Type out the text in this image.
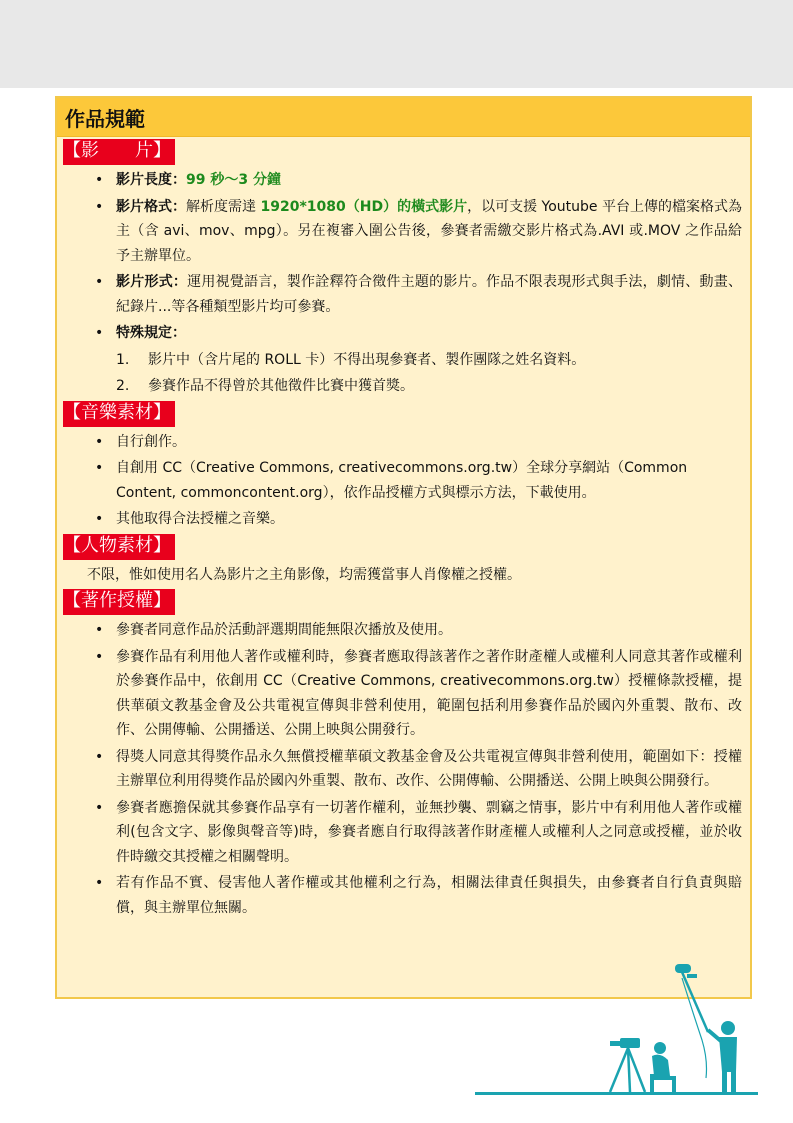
作品規範
【影　　片】
• 影片長度：99 秒～3 分鐘
• 影片格式：解析度需達 1920*1080（HD）的橫式影片，以可支援 Youtube 平台上傳的檔案格式為主（含 avi、mov、mpg）。另在複審入圍公告後，參賽者需繳交影片格式為.AVI 或.MOV 之作品給予主辦單位。
• 影片形式：運用視覺語言，製作詮釋符合徵件主題的影片。作品不限表現形式與手法，劇情、動畫、紀錄片...等各種類型影片均可參賽。
• 特殊規定：
1. 影片中（含片尾的 ROLL 卡）不得出現參賽者、製作團隊之姓名資料。
2. 參賽作品不得曾於其他徵件比賽中獲首獎。
【音樂素材】
• 自行創作。
• 自創用 CC（Creative Commons, creativecommons.org.tw）全球分享網站（Common Content, commoncontent.org），依作品授權方式與標示方法，下載使用。
• 其他取得合法授權之音樂。
【人物素材】
不限，惟如使用名人為影片之主角影像，均需獲當事人肖像權之授權。
【著作授權】
• 參賽者同意作品於活動評選期間能無限次播放及使用。
• 參賽作品有利用他人著作或權利時，參賽者應取得該著作之著作財產權人或權利人同意其著作或權利於參賽作品中，依創用 CC（Creative Commons, creativecommons.org.tw）授權條款授權，提供華碩文教基金會及公共電視宣傳與非營利使用，範圍包括利用參賽作品於國內外重製、散布、改作、公開傳輸、公開播送、公開上映與公開發行。
• 得獎人同意其得獎作品永久無償授權華碩文教基金會及公共電視宣傳與非營利使用，範圍如下：授權主辦單位利用得獎作品於國內外重製、散布、改作、公開傳輸、公開播送、公開上映與公開發行。
• 參賽者應擔保就其參賽作品享有一切著作權利，並無抄襲、剽竊之情事，影片中有利用他人著作或權利(包含文字、影像與聲音等)時，參賽者應自行取得該著作財產權人或權利人之同意或授權，並於收件時繳交其授權之相關聲明。
• 若有作品不實、侵害他人著作權或其他權利之行為，相關法律責任與損失，由參賽者自行負責與賠償，與主辦單位無關。
